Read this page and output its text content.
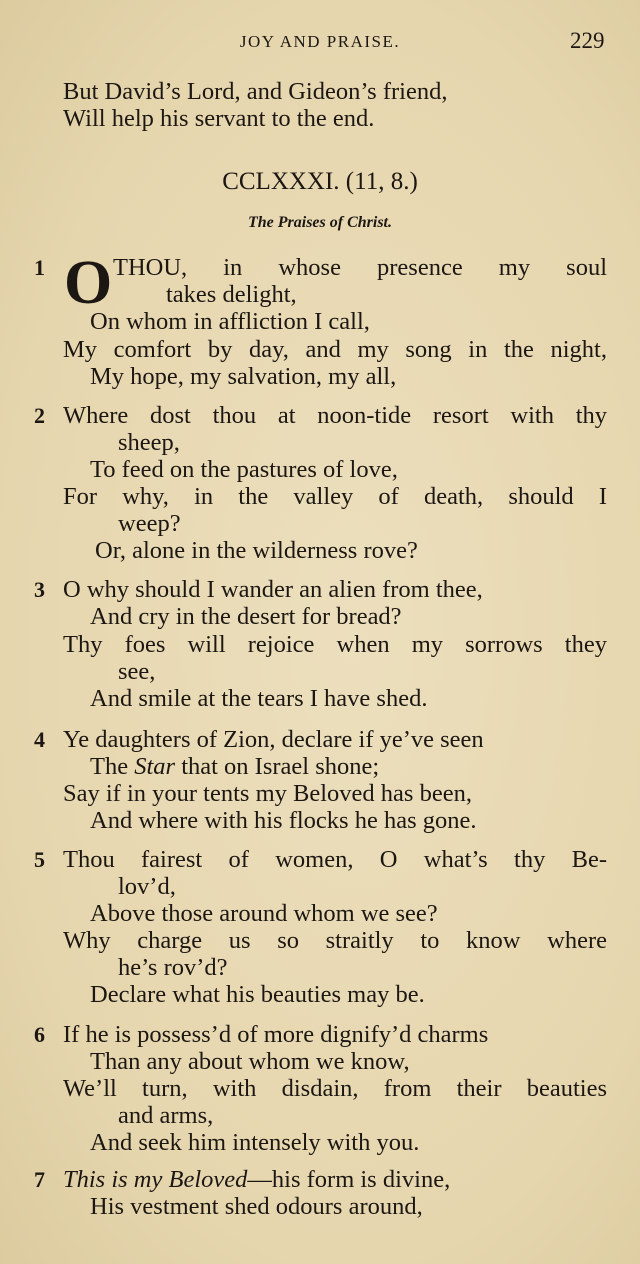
JOY AND PRAISE.	229
But David’s Lord, and Gideon’s friend,
Will help his servant to the end.
CCLXXXI. (11, 8.)
The Praises of Christ.
O
1	THOU, in whose presence my soul
takes delight,
On whom in affliction I call,
My comfort by day, and my song in the night,
My hope, my salvation, my all,
2 Where dost thou at noon-tide resort with thy
sheep,
To feed on the pastures of love,
For why, in the valley of death, should I
weep?
Or, alone in the wilderness rove?
3 O why should I wander an alien from thee,
And cry in the desert for bread?
Thy foes will rejoice when my sorrows they
see,
And smile at the tears I have shed.
4 Ye daughters of Zion, declare if ye’ve seen
The Star that on Israel shone;
Say if in your tents my Beloved has been,
And where with his flocks he has gone.
5 Thou fairest of women, O what’s thy Be-
lov’d,
Above those around whom we see?
Why charge us so straitly to know where
he’s rov’d?
Declare what his beauties may be.
6 If he is possess’d of more dignify’d charms
Than any about whom we know,
We’ll turn, with disdain, from their beauties
and arms,
And seek him intensely with you.
7 This is my Beloved—his form is divine,
His vestment shed odours around,
